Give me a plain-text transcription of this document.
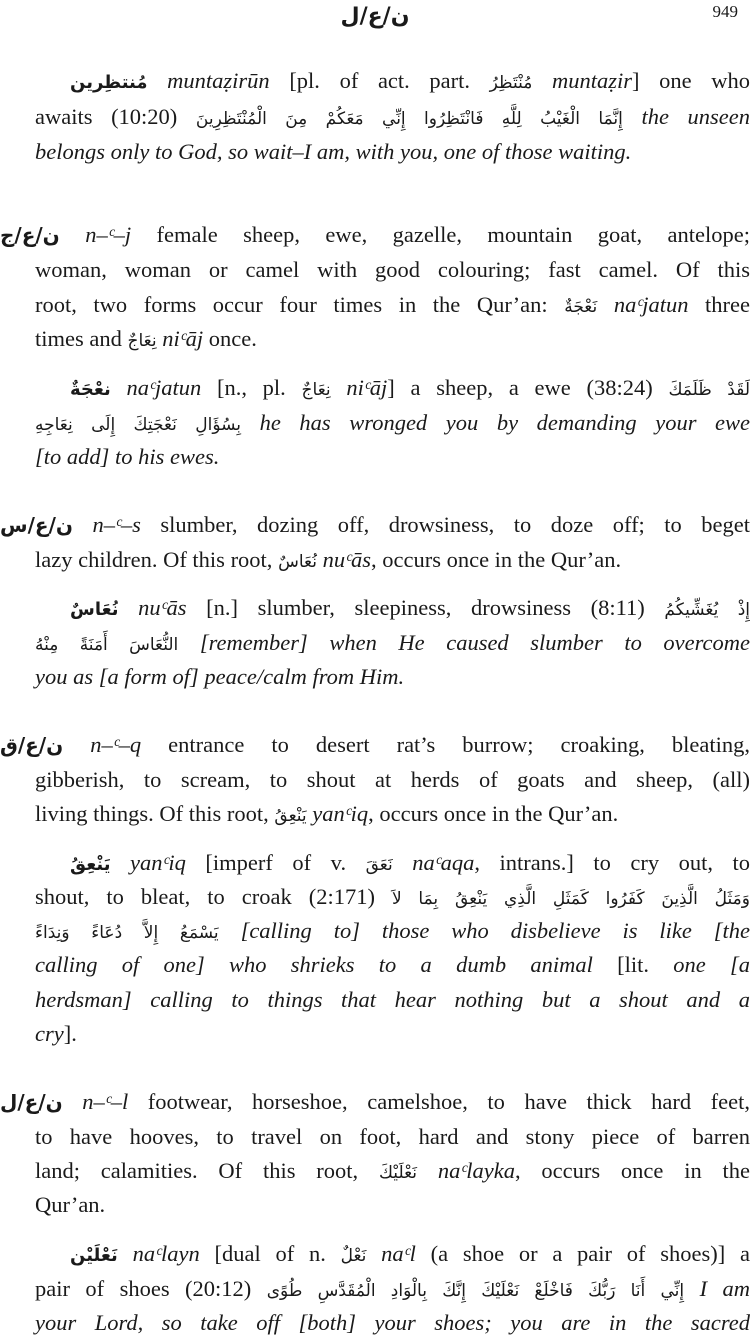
ن/ع/ل	949
مُنتظِرين muntaẓirūn [pl. of act. part. مُنْتَظِرُ muntaẓir] one who
awaits (10:20) إِنَّمَا الْغَيْبُ لِلَّهِ فَانْتَظِرُوا إِنِّي مَعَكُمْ مِنَ الْمُنْتَظِرِينَ the unseen
belongs only to God, so wait–I am, with you, one of those waiting.
ن/ع/ج n–ᶜ–j female sheep, ewe, gazelle, mountain goat, antelope;
woman, woman or camel with good colouring; fast camel. Of this
root, two forms occur four times in the Qur’an: نَعْجَةٌ naᶜjatun three
times and نِعَاجٌ niᶜāj once.
نعْجَةٌ naᶜjatun [n., pl. نِعَاجٌ niᶜāj] a sheep, a ewe (38:24) لَقَدْ ظَلَمَكَ
بِسُؤَالِ نَعْجَتِكَ إِلَى نِعَاجِهِ he has wronged you by demanding your ewe
[to add] to his ewes.
ن/ع/س n–ᶜ–s slumber, dozing off, drowsiness, to doze off; to beget
lazy children. Of this root, نُعَاسٌ nuᶜās, occurs once in the Qur’an.
نُعَاسٌ nuᶜās [n.] slumber, sleepiness, drowsiness (8:11) إِذْ يُغَشِّيكُمُ
النُّعَاسَ أَمَنَةً مِنْهُ [remember] when He caused slumber to overcome
you as [a form of] peace/calm from Him.
ن/ع/ق n–ᶜ–q entrance to desert rat’s burrow; croaking, bleating,
gibberish, to scream, to shout at herds of goats and sheep, (all)
living things. Of this root, يَنْعِقُ yanᶜiq, occurs once in the Qur’an.
يَنْعِقُ yanᶜiq [imperf of v. نَعَقَ naᶜaqa, intrans.] to cry out, to
shout, to bleat, to croak (2:171) وَمَثَلُ الَّذِينَ كَفَرُوا كَمَثَلِ الَّذِي يَنْعِقُ بِمَا لاَ
يَسْمَعُ إِلاَّ دُعَاءً وَنِدَاءً [calling to] those who disbelieve is like [the
calling of one] who shrieks to a dumb animal [lit. one [a
herdsman] calling to things that hear nothing but a shout and a
cry].
ن/ع/ل n–ᶜ–l footwear, horseshoe, camelshoe, to have thick hard feet,
to have hooves, to travel on foot, hard and stony piece of barren
land; calamities. Of this root, نَعْلَيْكَ naᶜlayka, occurs once in the
Qur’an.
نَعْلَيْن naᶜlayn [dual of n. نَعْلٌ naᶜl (a shoe or a pair of shoes)] a
pair of shoes (20:12) إِنِّي أَنَا رَبُّكَ فَاخْلَعْ نَعْلَيْكَ إِنَّكَ بِالْوَادِ الْمُقَدَّسِ طُوًى I am
your Lord, so take off [both] your shoes; you are in the sacred
